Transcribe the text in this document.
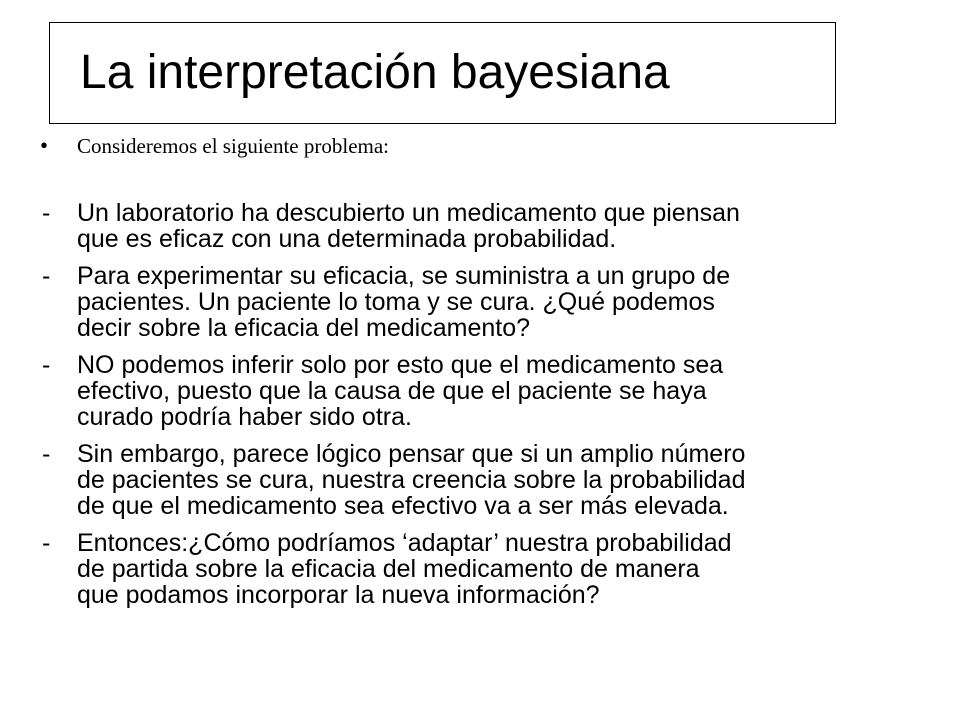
La interpretación bayesiana
•	Consideremos el siguiente problema:
-	Un laboratorio ha descubierto un medicamento que piensan
que es eficaz con una determinada probabilidad.
-	Para experimentar su eficacia, se suministra a un grupo de
pacientes. Un paciente lo toma y se cura. ¿Qué podemos
decir sobre la eficacia del medicamento?
-	NO podemos inferir solo por esto que el medicamento sea
efectivo, puesto que la causa de que el paciente se haya
curado podría haber sido otra.
-	Sin embargo, parece lógico pensar que si un amplio número
de pacientes se cura, nuestra creencia sobre la probabilidad
de que el medicamento sea efectivo va a ser más elevada.
-	Entonces:¿Cómo podríamos ‘adaptar’ nuestra probabilidad
de partida sobre la eficacia del medicamento de manera
que podamos incorporar la nueva información?
